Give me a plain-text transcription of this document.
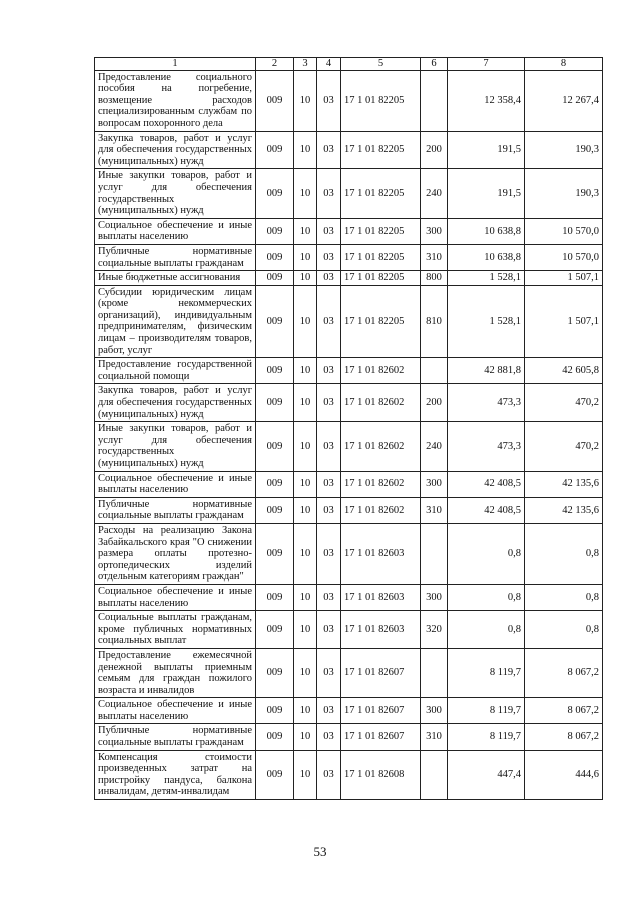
1	2	3	4	5	6	7	8
Предоставление социального пособия на погребение, возмещение расходов специализированным службам по вопросам похоронного дела	009	10	03	17 1 01 82205		12 358,4	12 267,4
Закупка товаров, работ и услуг для обеспечения государственных (муниципальных) нужд	009	10	03	17 1 01 82205	200	191,5	190,3
Иные закупки товаров, работ и услуг для обеспечения государственных (муниципальных) нужд	009	10	03	17 1 01 82205	240	191,5	190,3
Социальное обеспечение и иные выплаты населению	009	10	03	17 1 01 82205	300	10 638,8	10 570,0
Публичные нормативные социальные выплаты гражданам	009	10	03	17 1 01 82205	310	10 638,8	10 570,0
Иные бюджетные ассигнования	009	10	03	17 1 01 82205	800	1 528,1	1 507,1
Субсидии юридическим лицам (кроме некоммерческих организаций), индивидуальным предпринимателям, физическим лицам – производителям товаров, работ, услуг	009	10	03	17 1 01 82205	810	1 528,1	1 507,1
Предоставление государственной социальной помощи	009	10	03	17 1 01 82602		42 881,8	42 605,8
Закупка товаров, работ и услуг для обеспечения государственных (муниципальных) нужд	009	10	03	17 1 01 82602	200	473,3	470,2
Иные закупки товаров, работ и услуг для обеспечения государственных (муниципальных) нужд	009	10	03	17 1 01 82602	240	473,3	470,2
Социальное обеспечение и иные выплаты населению	009	10	03	17 1 01 82602	300	42 408,5	42 135,6
Публичные нормативные социальные выплаты гражданам	009	10	03	17 1 01 82602	310	42 408,5	42 135,6
Расходы на реализацию Закона Забайкальского края "О снижении размера оплаты протезно-ортопедических изделий отдельным категориям граждан"	009	10	03	17 1 01 82603		0,8	0,8
Социальное обеспечение и иные выплаты населению	009	10	03	17 1 01 82603	300	0,8	0,8
Социальные выплаты гражданам, кроме публичных нормативных социальных выплат	009	10	03	17 1 01 82603	320	0,8	0,8
Предоставление ежемесячной денежной выплаты приемным семьям для граждан пожилого возраста и инвалидов	009	10	03	17 1 01 82607		8 119,7	8 067,2
Социальное обеспечение и иные выплаты населению	009	10	03	17 1 01 82607	300	8 119,7	8 067,2
Публичные нормативные социальные выплаты гражданам	009	10	03	17 1 01 82607	310	8 119,7	8 067,2
Компенсация стоимости произведенных затрат на пристройку пандуса, балкона инвалидам, детям-инвалидам	009	10	03	17 1 01 82608		447,4	444,6
53
